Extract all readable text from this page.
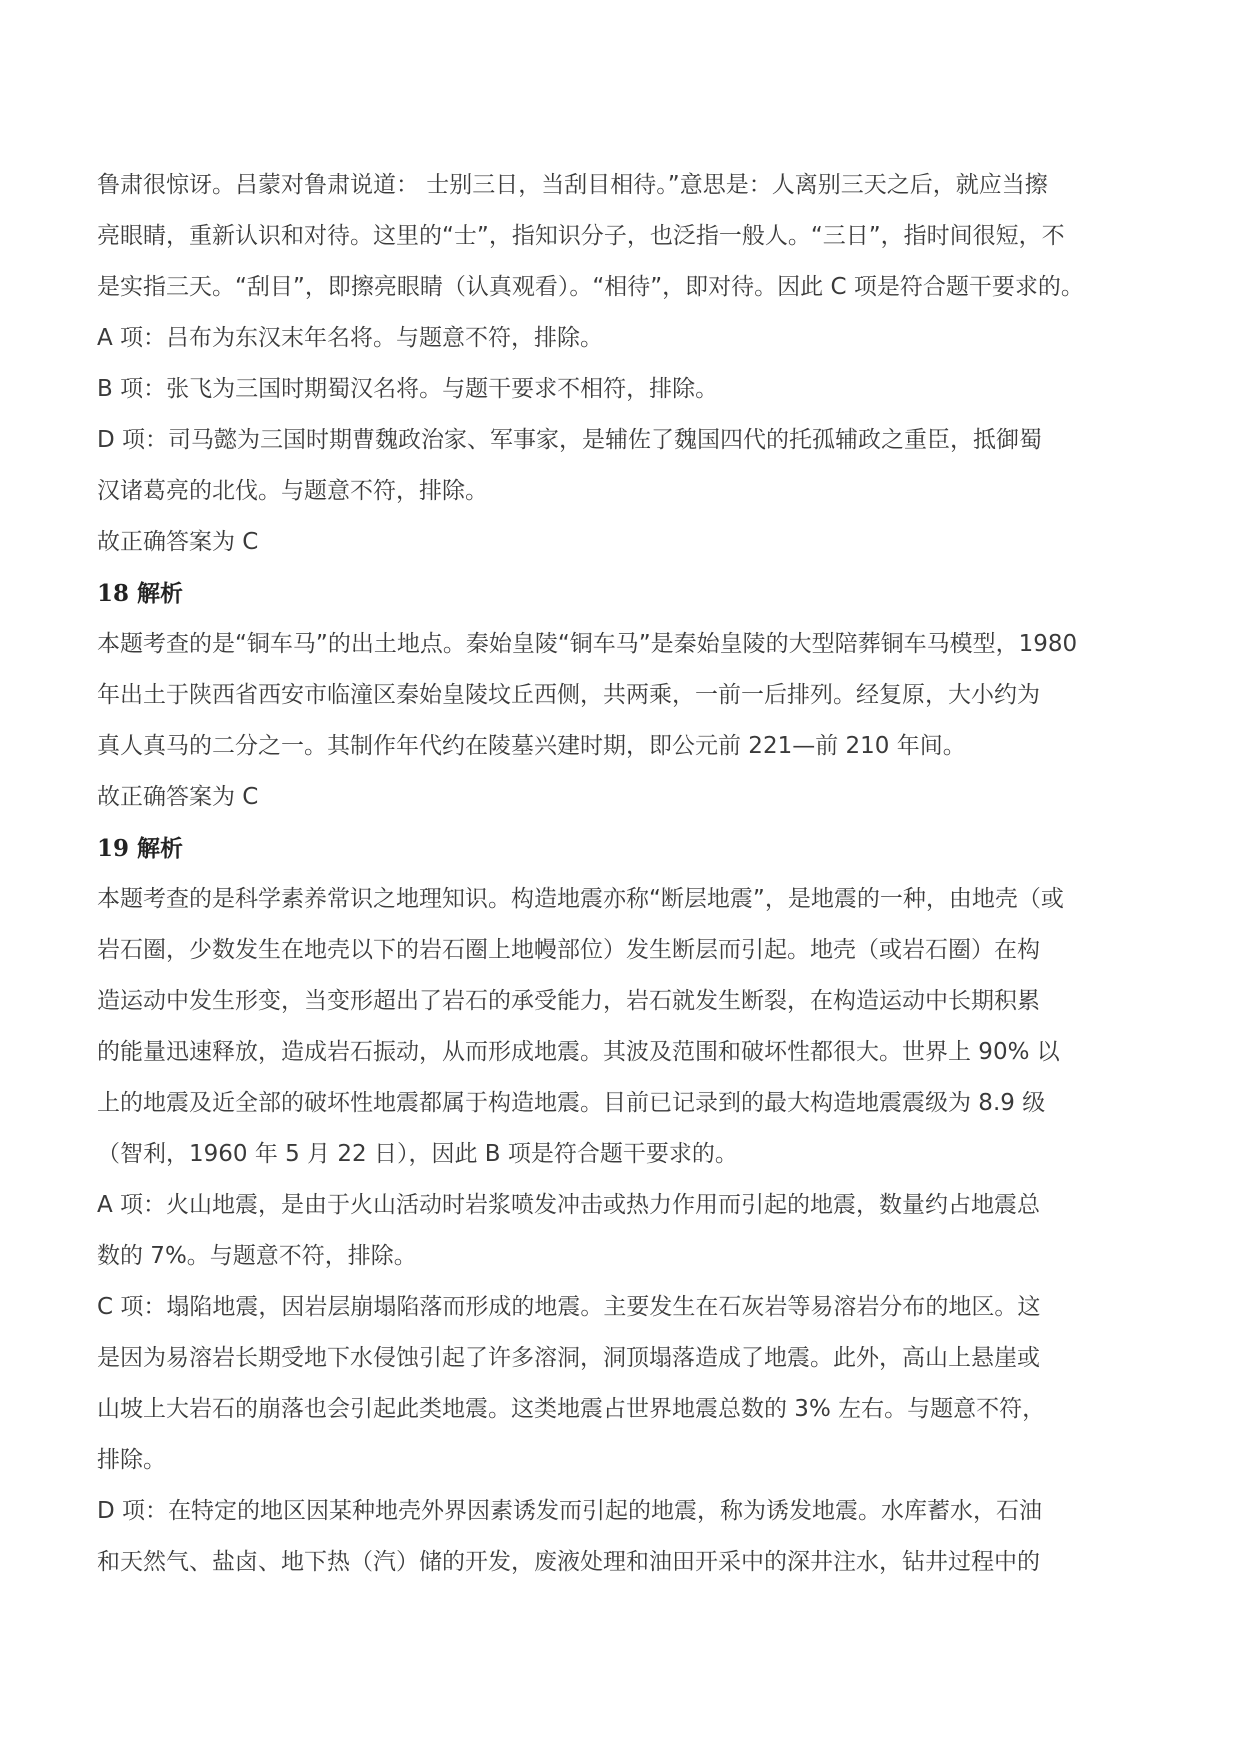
鲁肃很惊讶。吕蒙对鲁肃说道： 士别三日，当刮目相待。”意思是：人离别三天之后，就应当擦
亮眼睛，重新认识和对待。这里的“士”，指知识分子，也泛指一般人。“三日”，指时间很短，不
是实指三天。“刮目”，即擦亮眼睛（认真观看）。“相待”，即对待。因此 C 项是符合题干要求的。
A 项：吕布为东汉末年名将。与题意不符，排除。
B 项：张飞为三国时期蜀汉名将。与题干要求不相符，排除。
D 项：司马懿为三国时期曹魏政治家、军事家，是辅佐了魏国四代的托孤辅政之重臣，抵御蜀
汉诸葛亮的北伐。与题意不符，排除。
故正确答案为 C
18 解析
本题考查的是“铜车马”的出土地点。秦始皇陵“铜车马”是秦始皇陵的大型陪葬铜车马模型，1980
年出土于陕西省西安市临潼区秦始皇陵坟丘西侧，共两乘，一前一后排列。经复原，大小约为
真人真马的二分之一。其制作年代约在陵墓兴建时期，即公元前 221—前 210 年间。
故正确答案为 C
19 解析
本题考查的是科学素养常识之地理知识。构造地震亦称“断层地震”，是地震的一种，由地壳（或
岩石圈，少数发生在地壳以下的岩石圈上地幔部位）发生断层而引起。地壳（或岩石圈）在构
造运动中发生形变，当变形超出了岩石的承受能力，岩石就发生断裂，在构造运动中长期积累
的能量迅速释放，造成岩石振动，从而形成地震。其波及范围和破坏性都很大。世界上 90% 以
上的地震及近全部的破坏性地震都属于构造地震。目前已记录到的最大构造地震震级为 8.9 级
（智利，1960 年 5 月 22 日），因此 B 项是符合题干要求的。
A 项：火山地震，是由于火山活动时岩浆喷发冲击或热力作用而引起的地震，数量约占地震总
数的 7%。与题意不符，排除。
C 项：塌陷地震，因岩层崩塌陷落而形成的地震。主要发生在石灰岩等易溶岩分布的地区。这
是因为易溶岩长期受地下水侵蚀引起了许多溶洞，洞顶塌落造成了地震。此外，高山上悬崖或
山坡上大岩石的崩落也会引起此类地震。这类地震占世界地震总数的 3% 左右。与题意不符，
排除。
D 项：在特定的地区因某种地壳外界因素诱发而引起的地震，称为诱发地震。水库蓄水，石油
和天然气、盐卤、地下热（汽）储的开发，废液处理和油田开采中的深井注水，钻井过程中的
